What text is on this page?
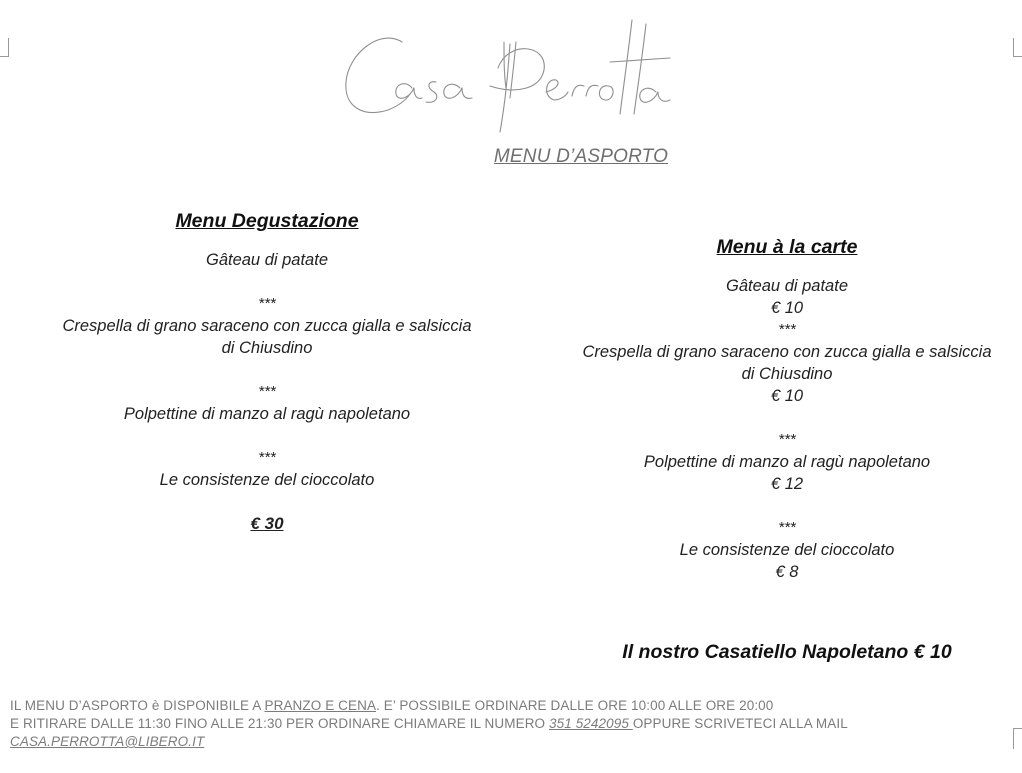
MENU D’ASPORTO

Menu Degustazione

Gâteau di patate

***

Crespella di grano saraceno con zucca gialla e salsiccia

di Chiusdino

***

Polpettine di manzo al ragù napoletano

***

Le consistenze del cioccolato

€ 30

Menu à la carte

Gâteau di patate

€ 10

***

Crespella di grano saraceno con zucca gialla e salsiccia

di Chiusdino

€ 10

***

Polpettine di manzo al ragù napoletano

€ 12

***

Le consistenze del cioccolato

€ 8

Il nostro Casatiello Napoletano € 10
IL MENU D’ASPORTO è DISPONIBILE A PRANZO E CENA. E’ POSSIBILE ORDINARE DALLE ORE 10:00 ALLE ORE 20:00
E RITIRARE DALLE 11:30 FINO ALLE 21:30 PER ORDINARE CHIAMARE IL NUMERO 351 5242095 OPPURE SCRIVETECI ALLA MAIL
CASA.PERROTTA@LIBERO.IT
